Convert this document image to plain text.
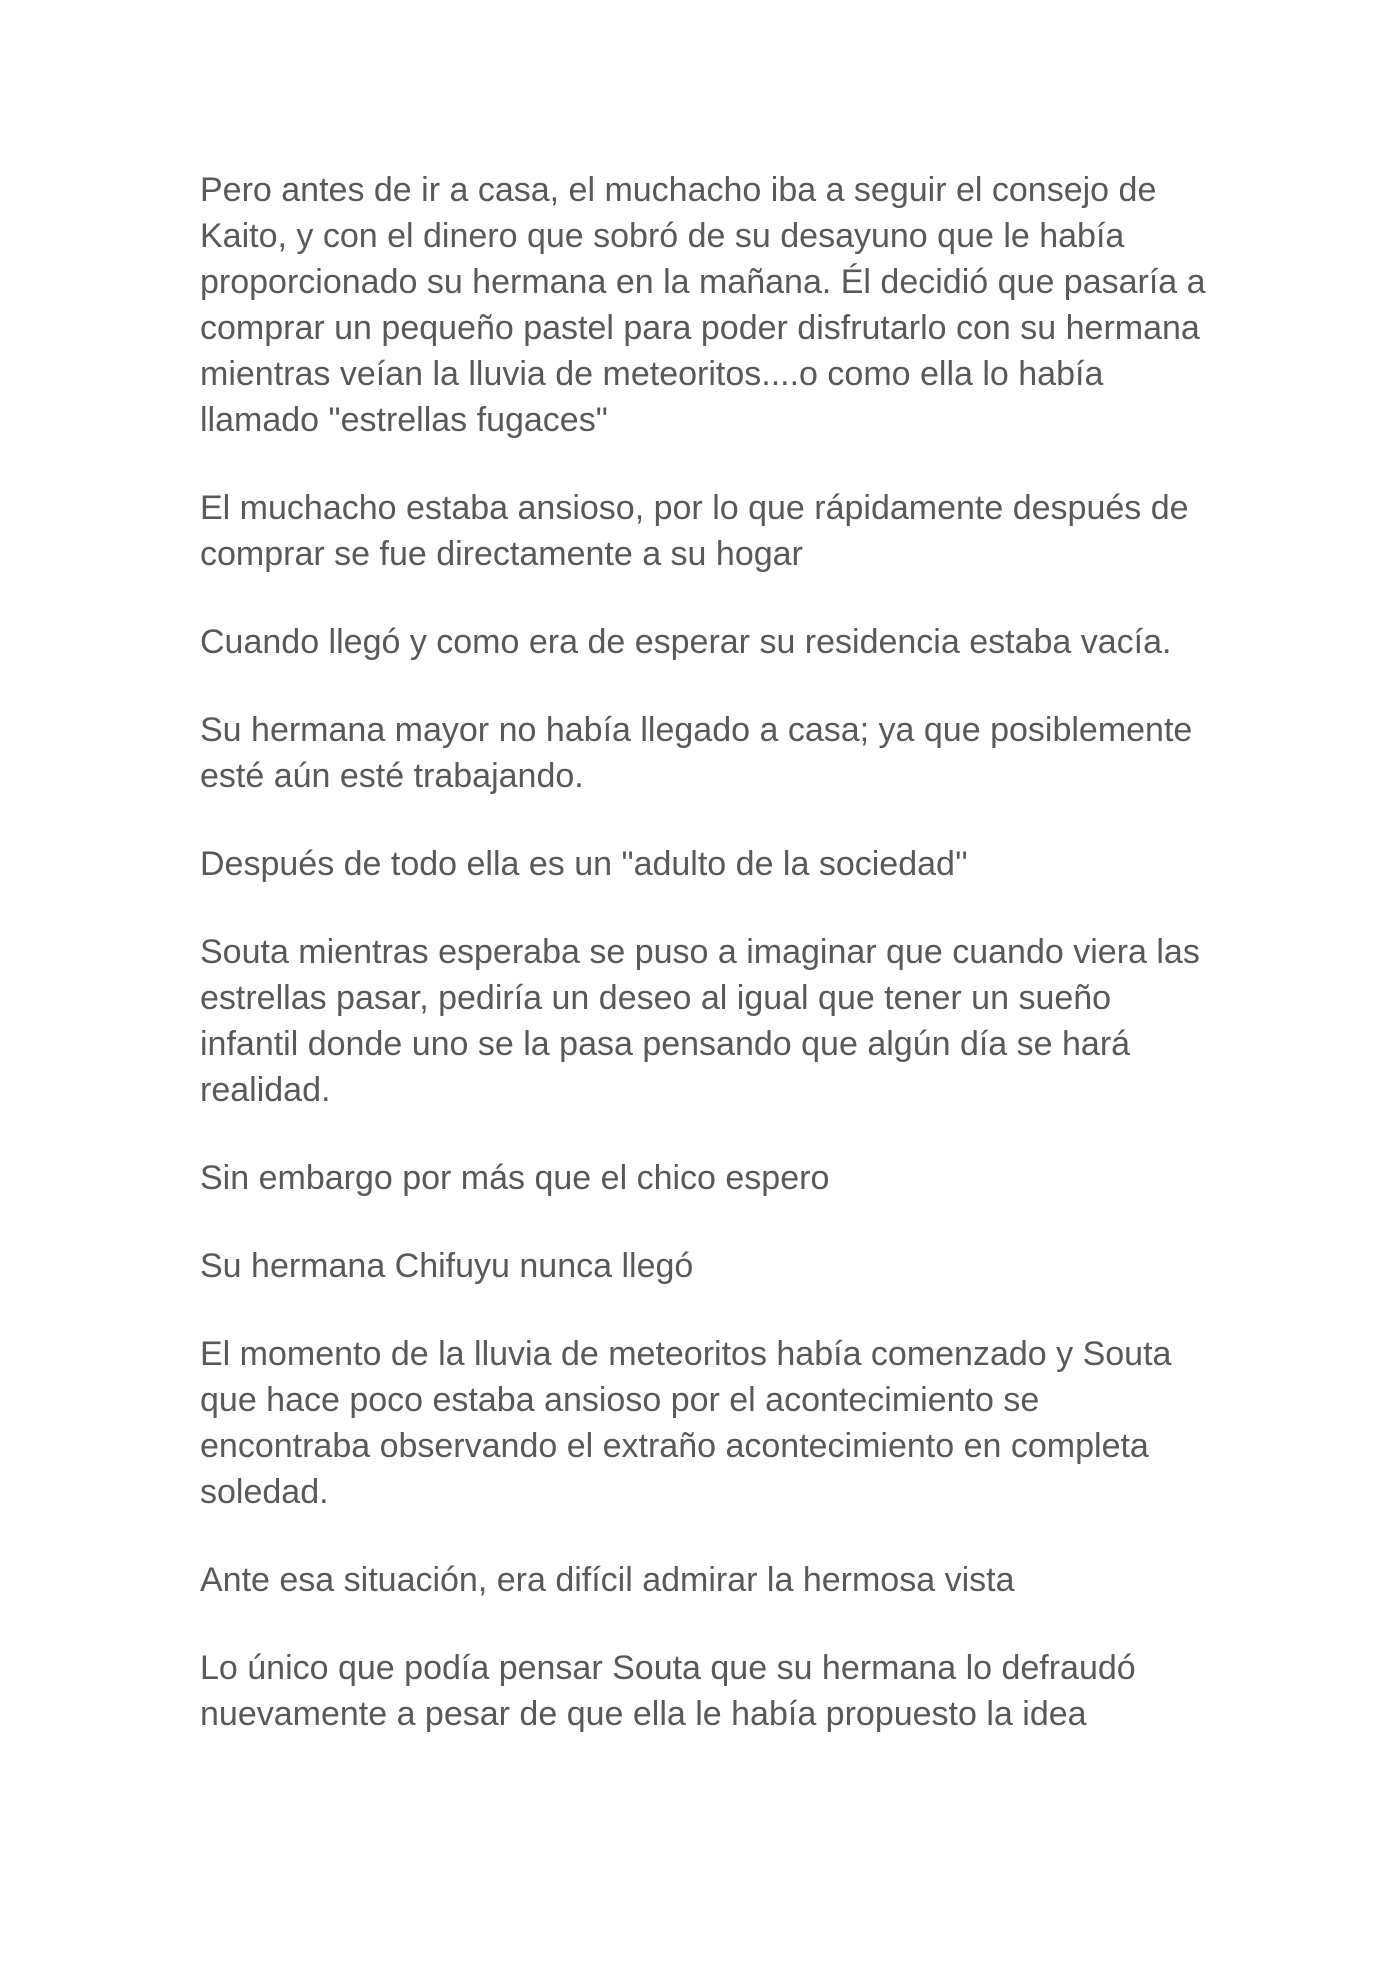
Pero antes de ir a casa, el muchacho iba a seguir el consejo de Kaito, y con el dinero que sobró de su desayuno que le había proporcionado su hermana en la mañana. Él decidió que pasaría a comprar un pequeño pastel para poder disfrutarlo con su hermana mientras veían la lluvia de meteoritos....o como ella lo había llamado "estrellas fugaces"

El muchacho estaba ansioso, por lo que rápidamente después de comprar se fue directamente a su hogar

Cuando llegó y como era de esperar su residencia estaba vacía.

Su hermana mayor no había llegado a casa; ya que posiblemente esté aún esté trabajando.

Después de todo ella es un "adulto de la sociedad''

Souta mientras esperaba se puso a imaginar que cuando viera las estrellas pasar, pediría un deseo al igual que tener un sueño infantil donde uno se la pasa pensando que algún día se hará realidad.

Sin embargo por más que el chico espero

Su hermana Chifuyu nunca llegó

El momento de la lluvia de meteoritos había comenzado y Souta que hace poco estaba ansioso por el acontecimiento se encontraba observando el extraño acontecimiento en completa soledad.

Ante esa situación, era difícil admirar la hermosa vista

Lo único que podía pensar Souta que su hermana lo defraudó nuevamente a pesar de que ella le había propuesto la idea
